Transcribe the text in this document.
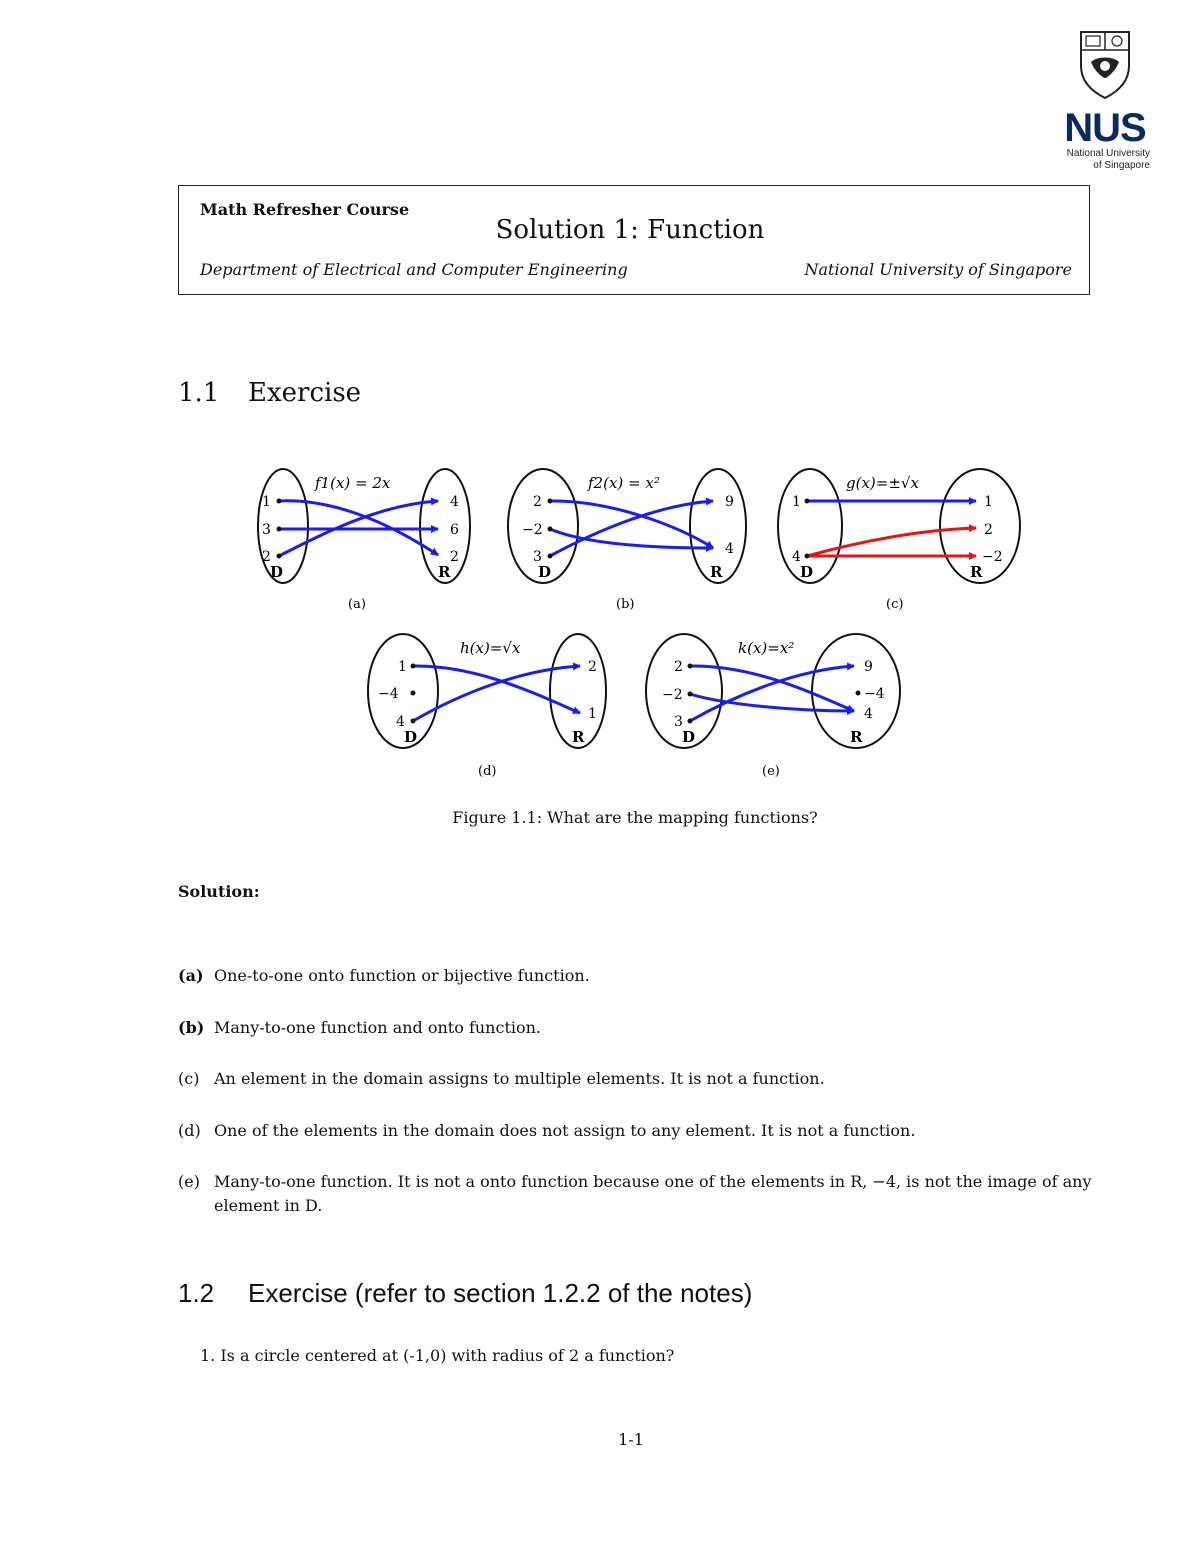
NUS
National University
of Singapore
Math Refresher Course
Solution 1: Function
Department of Electrical and Computer Engineering	National University of Singapore
1.1 Exercise
1
3
2
4
6
2
D	R
f1(x) = 2x
(a)
2
−2
3
9
4
D	R
f2(x) = x²
(b)
1
4
1
2
−2
D	R
g(x)=±√x
(c)
1
−4
4
2
1
D	R
h(x)=√x
(d)
2
−2
3
9
−4
4
D	R
k(x)=x²
(e)
Figure 1.1: What are the mapping functions?
Solution:
(a) One-to-one onto function or bijective function.
(b) Many-to-one function and onto function.
(c) An element in the domain assigns to multiple elements. It is not a function.
(d) One of the elements in the domain does not assign to any element. It is not a function.
(e) Many-to-one function. It is not a onto function because one of the elements in R, −4, is not the image of any element in D.
1.2 Exercise (refer to section 1.2.2 of the notes)
1. Is a circle centered at (-1,0) with radius of 2 a function?
1-1
